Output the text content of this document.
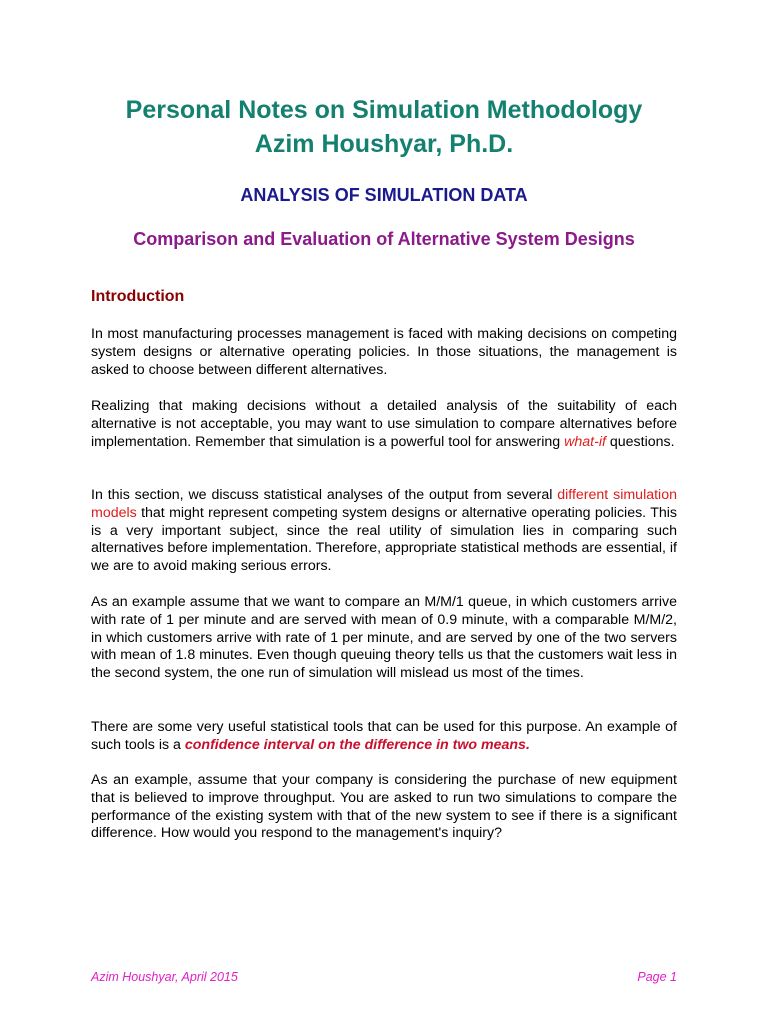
Personal Notes on Simulation Methodology
Azim Houshyar, Ph.D.
ANALYSIS OF SIMULATION DATA
Comparison and Evaluation of Alternative System Designs
Introduction

In most manufacturing processes management is faced with making decisions on competing system designs or alternative operating policies. In those situations, the management is asked to choose between different alternatives.

Realizing that making decisions without a detailed analysis of the suitability of each alternative is not acceptable, you may want to use simulation to compare alternatives before implementation. Remember that simulation is a powerful tool for answering what-if questions.

In this section, we discuss statistical analyses of the output from several different simulation models that might represent competing system designs or alternative operating policies. This is a very important subject, since the real utility of simulation lies in comparing such alternatives before implementation. Therefore, appropriate statistical methods are essential, if we are to avoid making serious errors.

As an example assume that we want to compare an M/M/1 queue, in which customers arrive with rate of 1 per minute and are served with mean of 0.9 minute, with a comparable M/M/2, in which customers arrive with rate of 1 per minute, and are served by one of the two servers with mean of 1.8 minutes. Even though queuing theory tells us that the customers wait less in the second system, the one run of simulation will mislead us most of the times.

There are some very useful statistical tools that can be used for this purpose. An example of such tools is a confidence interval on the difference in two means.

As an example, assume that your company is considering the purchase of new equipment that is believed to improve throughput. You are asked to run two simulations to compare the performance of the existing system with that of the new system to see if there is a significant difference. How would you respond to the management's inquiry?

Azim Houshyar, April 2015	Page 1
